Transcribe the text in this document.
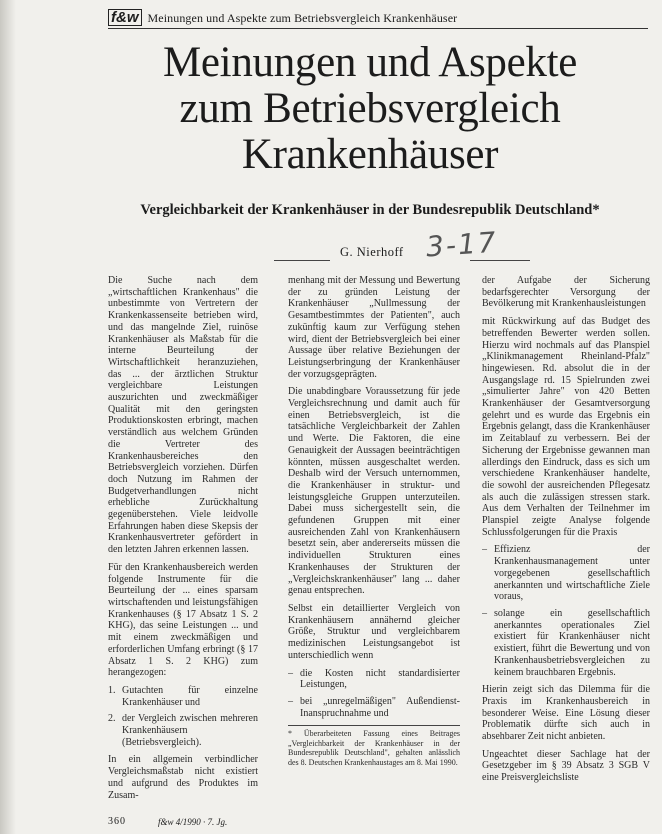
f&w Meinungen und Aspekte zum Betriebsvergleich Krankenhäuser
Meinungen und Aspekte
zum Betriebsvergleich
Krankenhäuser
Vergleichbarkeit der Krankenhäuser in der Bundesrepublik Deutschland*
G. Nierhoff 3-17

Die Suche nach dem „wirtschaftlichen Krankenhaus" die unbestimmte von Vertretern der Krankenkassenseite betrieben wird, und das mangelnde Ziel, ruinöse Krankenhäuser als Maßstab für die interne Beurteilung der Wirtschaftlichkeit heranzuziehen, das ... der ärztlichen Struktur vergleichbare Leistungen auszurichten und zweckmäßiger Qualität mit den geringsten Produktionskosten erbringt, machen verständlich aus welchem Gründen die Vertreter des Krankenhausbereiches den Betriebsvergleich vorziehen. Dürfen doch Nutzung im Rahmen der Budgetverhandlungen nicht erhebliche Zurückhaltung gegenüberstehen. Viele leidvolle Erfahrungen haben diese Skepsis der Krankenhausvertreter gefördert in den letzten Jahren erkennen lassen.

Für den Krankenhausbereich werden folgende Instrumente für die Beurteilung der ... eines sparsam wirtschaftenden und leistungsfähigen Krankenhauses (§ 17 Absatz 1 S. 2 KHG), das seine Leistungen ... und mit einem zweckmäßigen und erforderlichen Umfang erbringt (§ 17 Absatz 1 S. 2 KHG) zum herangezogen:

1. Gutachten für einzelne Krankenhäuser und
2. der Vergleich zwischen mehreren Krankenhäusern (Betriebsvergleich).

In ein allgemein verbindlicher Vergleichsmaßstab nicht existiert und aufgrund des Produktes im Zusam-

menhang mit der Messung und Bewertung der zu gründen Leistung der Krankenhäuser „Nullmessung der Gesamtbestimmtes der Patienten", auch zukünftig kaum zur Verfügung stehen wird, dient der Betriebsvergleich bei einer Aussage über relative Beziehungen der Leistungserbringung der Krankenhäuser der vorzugsgeprägten.

Die unabdingbare Voraussetzung für jede Vergleichsrechnung und damit auch für einen Betriebsvergleich, ist die tatsächliche Vergleichbarkeit der Zahlen und Werte. Die Faktoren, die eine Genauigkeit der Aussagen beeinträchtigen könnten, müssen ausgeschaltet werden. Deshalb wird der Versuch unternommen, die Krankenhäuser in struktur- und leistungsgleiche Gruppen unterzuteilen. Dabei muss sichergestellt sein, die gefundenen Gruppen mit einer ausreichenden Zahl von Krankenhäusern besetzt sein, aber andererseits müssen die individuellen Strukturen eines Krankenhauses der Strukturen der „Vergleichskrankenhäuser" lang ... daher genau entsprechen.

Selbst ein detaillierter Vergleich von Krankenhäusern annähernd gleicher Größe, Struktur und vergleichbarem medizinischen Leistungsangebot ist unterschiedlich wenn

– die Kosten nicht standardisierter Leistungen,
– bei „unregelmäßigen" Außendienst-Inanspruchnahme und
* Überarbeiteten Fassung eines Beitrages „Vergleichbarkeit der Krankenhäuser in der Bundesrepublik Deutschland", gehalten anlässlich des 8. Deutschen Krankenhaustages am 8. Mai 1990.

der Aufgabe der Sicherung bedarfsgerechter Versorgung der Bevölkerung mit Krankenhausleistungen

mit Rückwirkung auf das Budget des betreffenden Bewerter werden sollen. Hierzu wird nochmals auf das Planspiel „Klinikmanagement Rheinland-Pfalz" hingewiesen. Rd. absolut die in der Ausgangslage rd. 15 Spielrunden zwei „simulierter Jahre" von 420 Betten Krankenhäuser der Gesamtversorgung gelehrt und es wurde das Ergebnis ein Ergebnis gelangt, dass die Krankenhäuser im Zeitablauf zu verbessern. Bei der Sicherung der Ergebnisse gewannen man allerdings den Eindruck, dass es sich um verschiedene Krankenhäuser handelte, die sowohl der ausreichenden Pflegesatz als auch die zulässigen stressen stark. Aus dem Verhalten der Teilnehmer im Planspiel zeigte Analyse folgende Schlussfolgerungen für die Praxis

– Effizienz der Krankenhausmanagement unter vorgegebenen gesellschaftlich anerkannten und wirtschaftliche Ziele voraus,
– solange ein gesellschaftlich anerkanntes operationales Ziel existiert für Krankenhäuser nicht existiert, führt die Bewertung und von Krankenhausbetriebsvergleichen zu keinem brauchbaren Ergebnis.

Hierin zeigt sich das Dilemma für die Praxis im Krankenhausbereich in besonderer Weise. Eine Lösung dieser Problematik dürfte sich auch in absehbarer Zeit nicht anbieten.

Ungeachtet dieser Sachlage hat der Gesetzgeber im § 39 Absatz 3 SGB V eine Preisvergleichsliste

360	f&w 4/1990 · 7. Jg.
